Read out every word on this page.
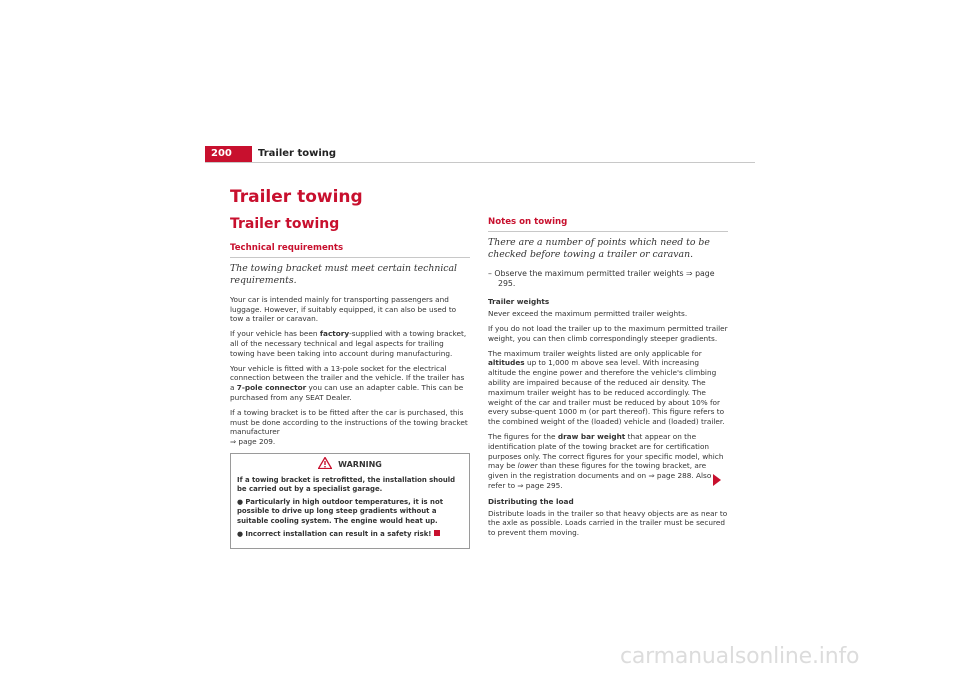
200	Trailer towing
Trailer towing
Trailer towing
Technical requirements
The towing bracket must meet certain technical requirements.

Your car is intended mainly for transporting passengers and luggage. However, if suitably equipped, it can also be used to tow a trailer or caravan.

If your vehicle has been factory-supplied with a towing bracket, all of the necessary technical and legal aspects for trailing towing have been taking into account during manufacturing.

Your vehicle is fitted with a 13-pole socket for the electrical connection between the trailer and the vehicle. If the trailer has a 7-pole connector you can use an adapter cable. This can be purchased from any SEAT Dealer.

If a towing bracket is to be fitted after the car is purchased, this must be done according to the instructions of the towing bracket manufacturer
⇒ page 209.

WARNING

If a towing bracket is retrofitted, the installation should be carried out by a specialist garage.

● Particularly in high outdoor temperatures, it is not possible to drive up long steep gradients without a suitable cooling system. The engine would heat up.

● Incorrect installation can result in a safety risk!

Notes on towing
There are a number of points which need to be checked before towing a trailer or caravan.
– Observe the maximum permitted trailer weights ⇒ page 295.
Trailer weights

Never exceed the maximum permitted trailer weights.

If you do not load the trailer up to the maximum permitted trailer weight, you can then climb correspondingly steeper gradients.

The maximum trailer weights listed are only applicable for altitudes up to 1,000 m above sea level. With increasing altitude the engine power and therefore the vehicle's climbing ability are impaired because of the reduced air density. The maximum trailer weight has to be reduced accordingly. The weight of the car and trailer must be reduced by about 10% for every subse-quent 1000 m (or part thereof). This figure refers to the combined weight of the (loaded) vehicle and (loaded) trailer.

The figures for the draw bar weight that appear on the identification plate of the towing bracket are for certification purposes only. The correct figures for your specific model, which may be lower than these figures for the towing bracket, are given in the registration documents and on ⇒ page 288. Also refer to ⇒ page 295.

Distributing the load

Distribute loads in the trailer so that heavy objects are as near to the axle as possible. Loads carried in the trailer must be secured to prevent them moving.

carmanualsonline.info
